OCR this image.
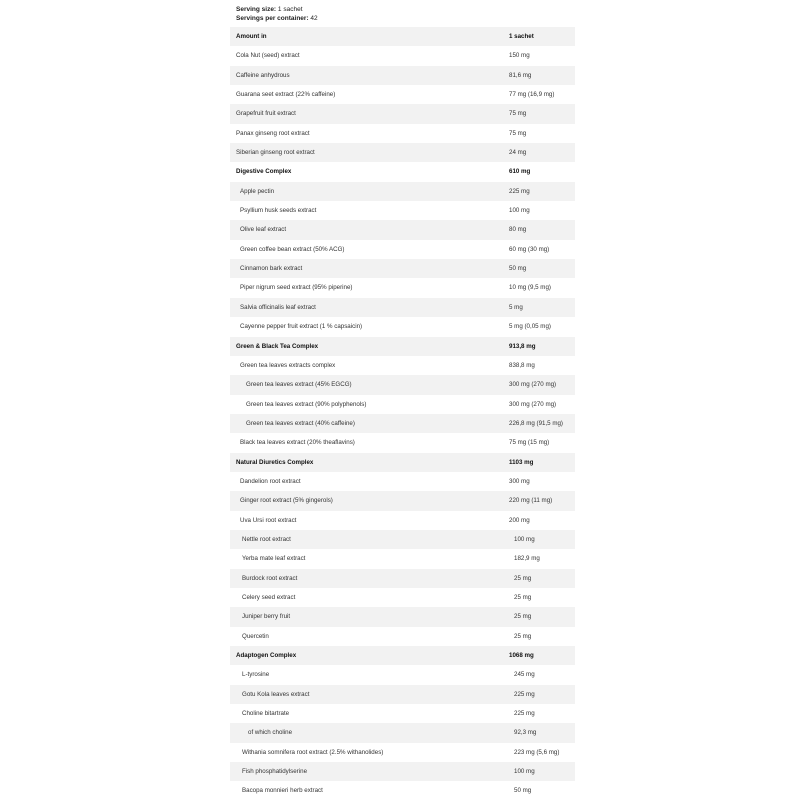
Serving size: 1 sachet
Servings per container: 42
Amount in	1 sachet
Cola Nut (seed) extract	150 mg
Caffeine anhydrous	81,6 mg
Guarana seet extract (22% caffeine)	77 mg (16,9 mg)
Grapefruit fruit extract	75 mg
Panax ginseng root extract	75 mg
Siberian ginseng root extract	24 mg
Digestive Complex	610 mg
Apple pectin	225 mg
Psyllium husk seeds extract	100 mg
Olive leaf extract	80 mg
Green coffee bean extract (50% ACG)	60 mg (30 mg)
Cinnamon bark extract	50 mg
Piper nigrum seed extract (95% piperine)	10 mg (9,5 mg)
Salvia officinalis leaf extract	5 mg
Cayenne pepper fruit extract (1 % capsaicin)	5 mg (0,05 mg)
Green & Black Tea Complex	913,8 mg
Green tea leaves extracts complex	838,8 mg
Green tea leaves extract (45% EGCG)	300 mg (270 mg)
Green tea leaves extract (90% polyphenols)	300 mg (270 mg)
Green tea leaves extract (40% caffeine)	226,8 mg (91,5 mg)
Black tea leaves extract (20% theaflavins)	75 mg (15 mg)
Natural Diuretics Complex	1103 mg
Dandelion root extract	300 mg
Ginger root extract (5% gingerols)	220 mg (11 mg)
Uva Ursi root extract	200 mg
Nettle root extract	100 mg
Yerba mate leaf extract	182,9 mg
Burdock root extract	25 mg
Celery seed extract	25 mg
Juniper berry fruit	25 mg
Quercetin	25 mg
Adaptogen Complex	1068 mg
L-tyrosine	245 mg
Gotu Kola leaves extract	225 mg
Choline bitartrate	225 mg
of which choline	92,3 mg
Withania somnifera root extract (2.5% withanolides)	223 mg (5,6 mg)
Fish phosphatidylserine	100 mg
Bacopa monnieri herb extract	50 mg
